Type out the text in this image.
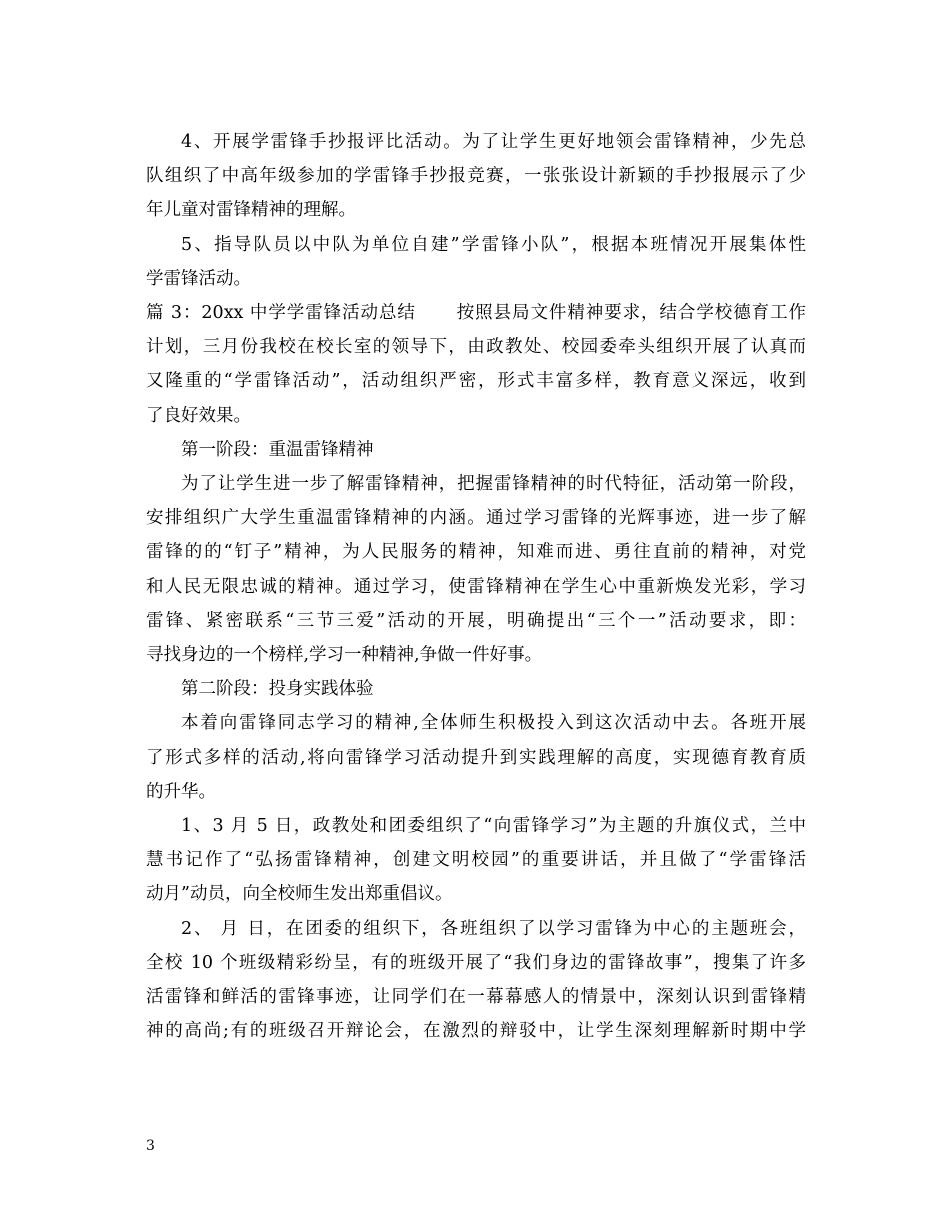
4、开展学雷锋手抄报评比活动。为了让学生更好地领会雷锋精神，少先总
队组织了中高年级参加的学雷锋手抄报竞赛，一张张设计新颖的手抄报展示了少
年儿童对雷锋精神的理解。

5、指导队员以中队为单位自建”学雷锋小队”，根据本班情况开展集体性
学雷锋活动。

篇 3：20xx 中学学雷锋活动总结 按照县局文件精神要求，结合学校德育工作
计划，三月份我校在校长室的领导下，由政教处、校园委牵头组织开展了认真而
又隆重的“学雷锋活动”，活动组织严密，形式丰富多样，教育意义深远，收到
了良好效果。

第一阶段：重温雷锋精神

为了让学生进一步了解雷锋精神，把握雷锋精神的时代特征，活动第一阶段，
安排组织广大学生重温雷锋精神的内涵。通过学习雷锋的光辉事迹，进一步了解
雷锋的的“钉子”精神，为人民服务的精神，知难而进、勇往直前的精神，对党
和人民无限忠诚的精神。通过学习，使雷锋精神在学生心中重新焕发光彩，学习
雷锋、紧密联系“三节三爱”活动的开展，明确提出“三个一”活动要求，即：
寻找身边的一个榜样,学习一种精神,争做一件好事。

第二阶段：投身实践体验

本着向雷锋同志学习的精神,全体师生积极投入到这次活动中去。各班开展
了形式多样的活动,将向雷锋学习活动提升到实践理解的高度，实现德育教育质
的升华。

1、3 月 5 日，政教处和团委组织了“向雷锋学习”为主题的升旗仪式，兰中
慧书记作了“弘扬雷锋精神，创建文明校园”的重要讲话，并且做了“学雷锋活
动月”动员，向全校师生发出郑重倡议。

2、 月 日，在团委的组织下，各班组织了以学习雷锋为中心的主题班会，
全校 10 个班级精彩纷呈，有的班级开展了“我们身边的雷锋故事”，搜集了许多
活雷锋和鲜活的雷锋事迹，让同学们在一幕幕感人的情景中，深刻认识到雷锋精
神的高尚;有的班级召开辩论会，在激烈的辩驳中，让学生深刻理解新时期中学

3
